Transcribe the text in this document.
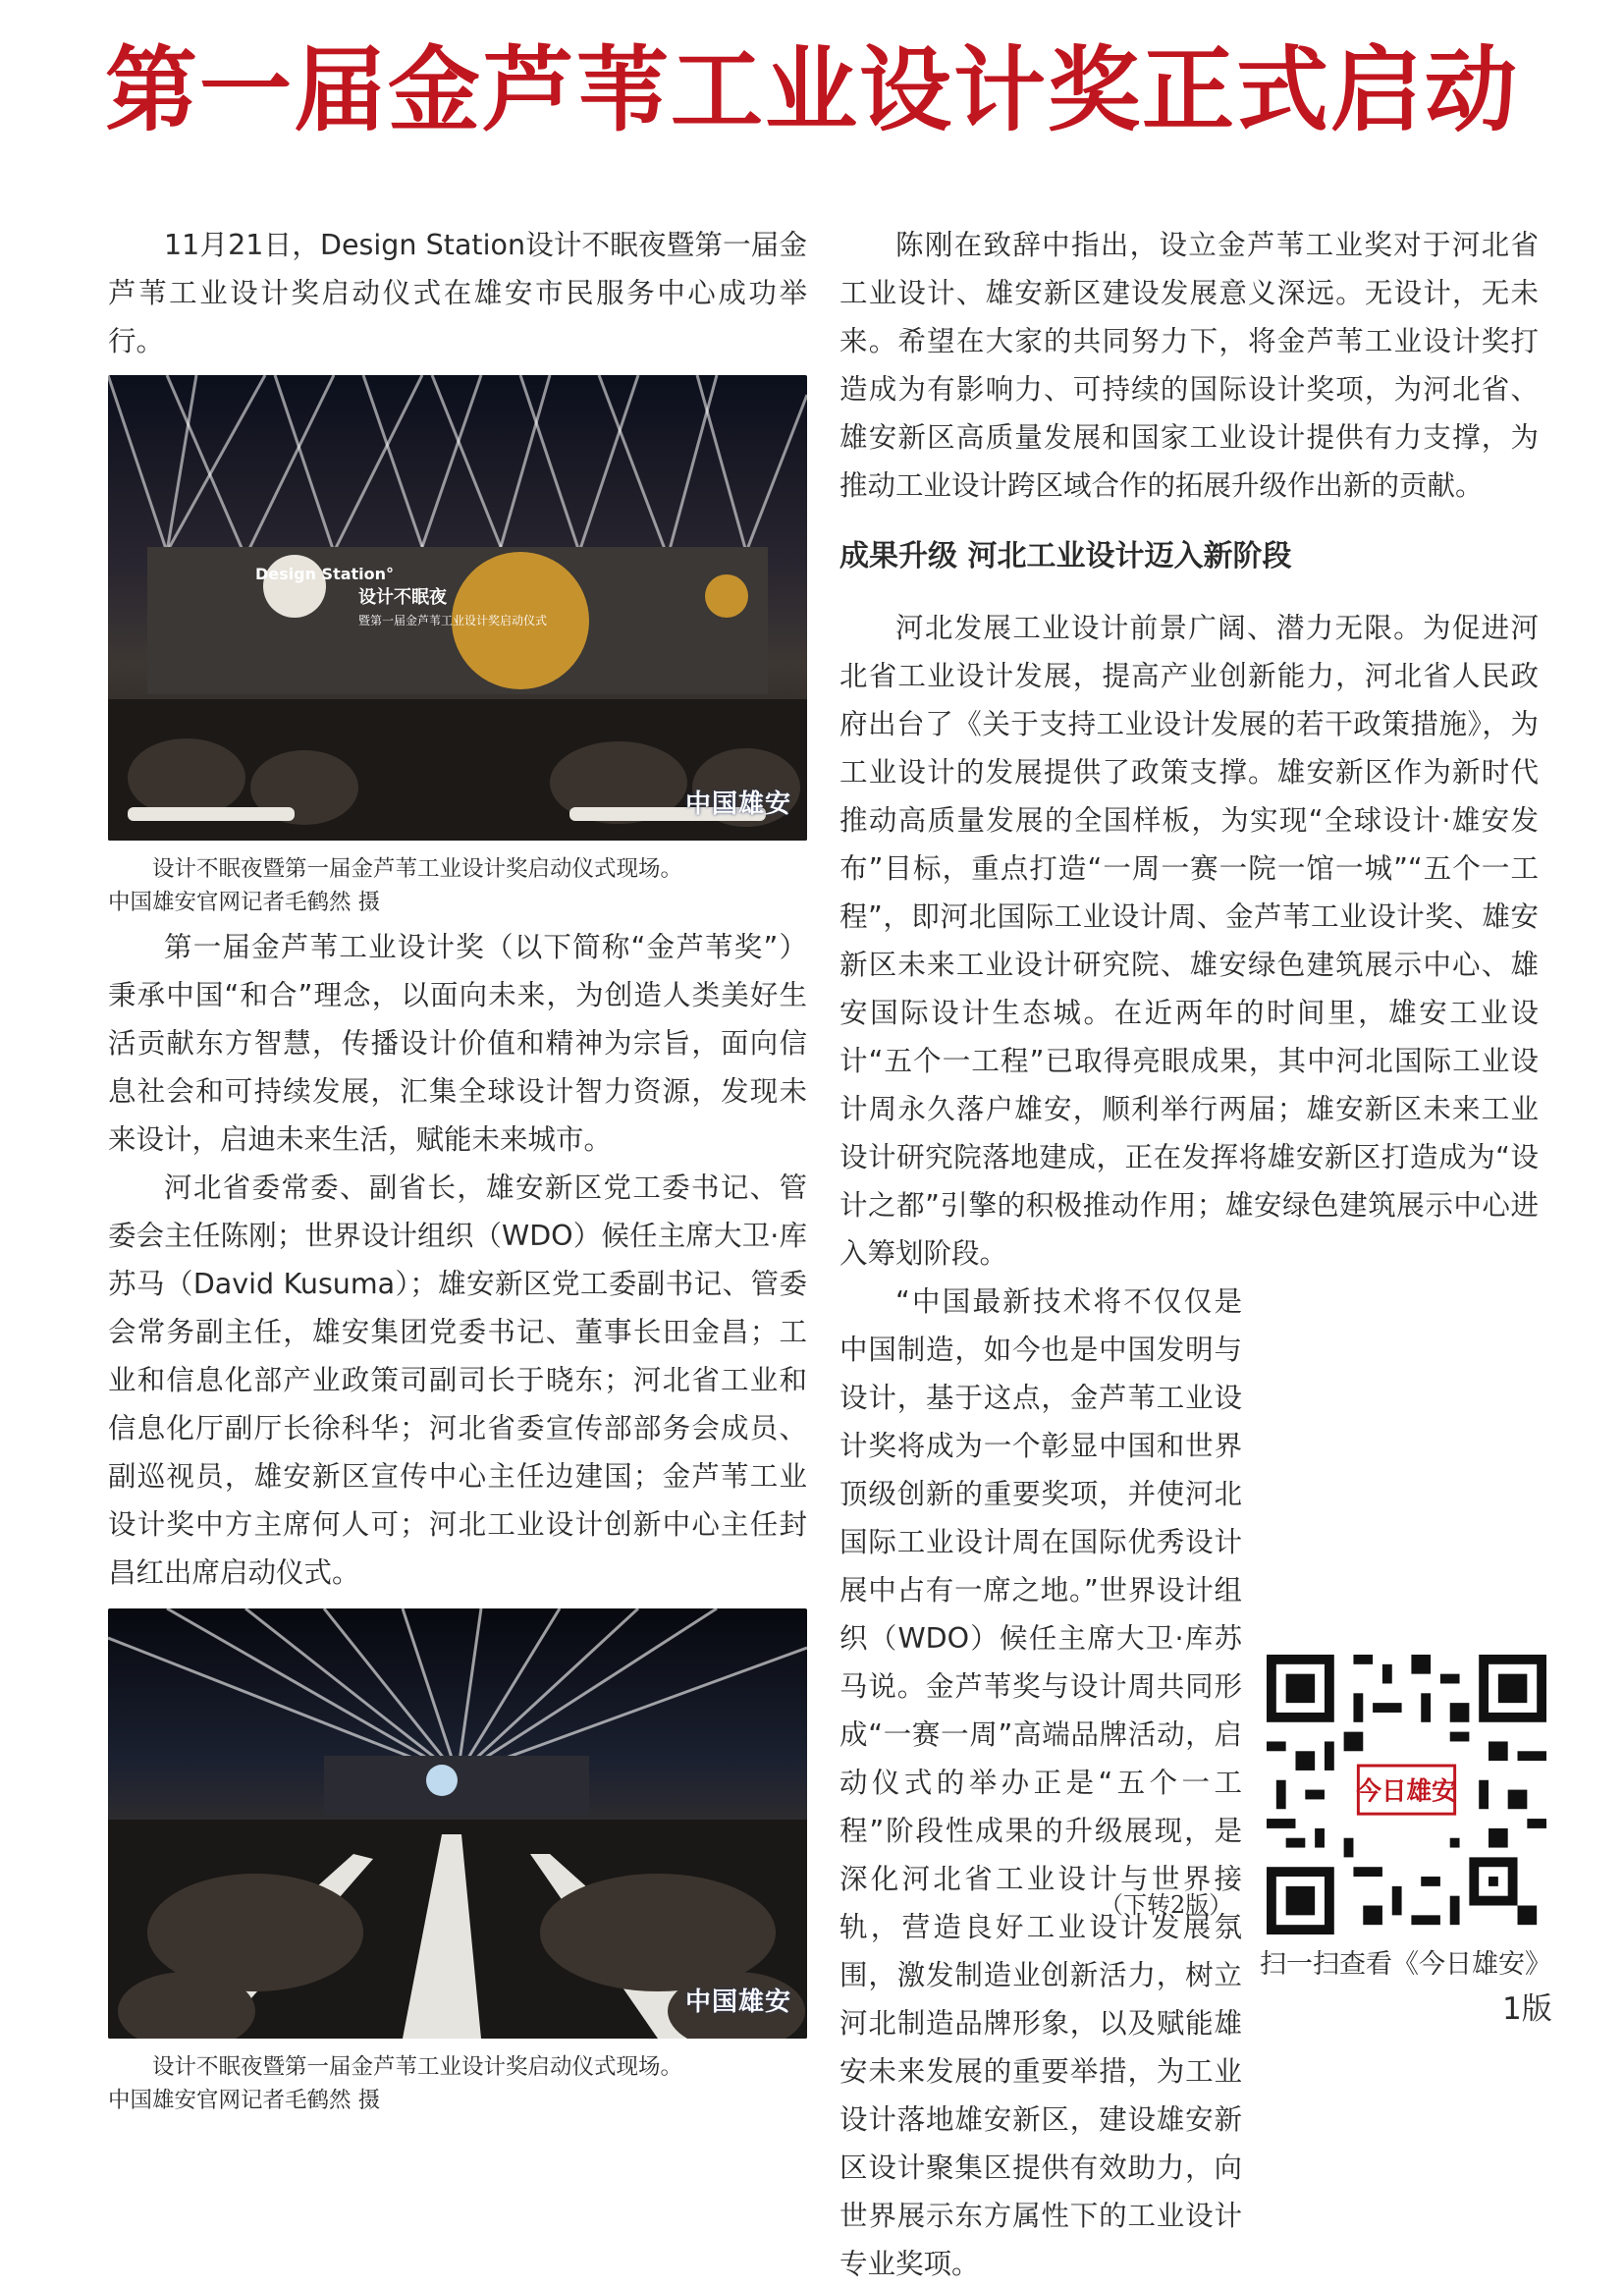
第一届金芦苇工业设计奖正式启动

11月21日，Design Station设计不眠夜暨第一届金芦苇工业设计奖启动仪式在雄安市民服务中心成功举行。

Design Station°
设计不眠夜
暨第一届金芦苇工业设计奖启动仪式
中国雄安
设计不眠夜暨第一届金芦苇工业设计奖启动仪式现场。
中国雄安官网记者毛鹤然 摄

第一届金芦苇工业设计奖（以下简称“金芦苇奖”）秉承中国“和合”理念，以面向未来，为创造人类美好生活贡献东方智慧，传播设计价值和精神为宗旨，面向信息社会和可持续发展，汇集全球设计智力资源，发现未来设计，启迪未来生活，赋能未来城市。

河北省委常委、副省长，雄安新区党工委书记、管委会主任陈刚；世界设计组织（WDO）候任主席大卫·库苏马（David Kusuma）；雄安新区党工委副书记、管委会常务副主任，雄安集团党委书记、董事长田金昌；工业和信息化部产业政策司副司长于晓东；河北省工业和信息化厅副厅长徐科华；河北省委宣传部部务会成员、副巡视员，雄安新区宣传中心主任边建国；金芦苇工业设计奖中方主席何人可；河北工业设计创新中心主任封昌红出席启动仪式。

中国雄安
设计不眠夜暨第一届金芦苇工业设计奖启动仪式现场。
中国雄安官网记者毛鹤然 摄

陈刚在致辞中指出，设立金芦苇工业奖对于河北省工业设计、雄安新区建设发展意义深远。无设计，无未来。希望在大家的共同努力下，将金芦苇工业设计奖打造成为有影响力、可持续的国际设计奖项，为河北省、雄安新区高质量发展和国家工业设计提供有力支撑，为推动工业设计跨区域合作的拓展升级作出新的贡献。

成果升级 河北工业设计迈入新阶段

河北发展工业设计前景广阔、潜力无限。为促进河北省工业设计发展，提高产业创新能力，河北省人民政府出台了《关于支持工业设计发展的若干政策措施》，为工业设计的发展提供了政策支撑。雄安新区作为新时代推动高质量发展的全国样板，为实现“全球设计·雄安发布”目标，重点打造“一周一赛一院一馆一城”“五个一工程”，即河北国际工业设计周、金芦苇工业设计奖、雄安新区未来工业设计研究院、雄安绿色建筑展示中心、雄安国际设计生态城。在近两年的时间里，雄安工业设计“五个一工程”已取得亮眼成果，其中河北国际工业设计周永久落户雄安，顺利举行两届；雄安新区未来工业设计研究院落地建成，正在发挥将雄安新区打造成为“设计之都”引擎的积极推动作用；雄安绿色建筑展示中心进入筹划阶段。

“中国最新技术将不仅仅是中国制造，如今也是中国发明与设计，基于这点，金芦苇工业设计奖将成为一个彰显中国和世界顶级创新的重要奖项，并使河北国际工业设计周在国际优秀设计展中占有一席之地。”世界设计组织（WDO）候任主席大卫·库苏马说。金芦苇奖与设计周共同形成“一赛一周”高端品牌活动，启动仪式的举办正是“五个一工程”阶段性成果的升级展现，是深化河北省工业设计与世界接轨，营造良好工业设计发展氛围，激发制造业创新活力，树立河北制造品牌形象，以及赋能雄安未来发展的重要举措，为工业设计落地雄安新区，建设雄安新区设计聚集区提供有效助力，向世界展示东方属性下的工业设计专业奖项。

（下转2版）
今日雄安
扫一扫查看《今日雄安》
1版
